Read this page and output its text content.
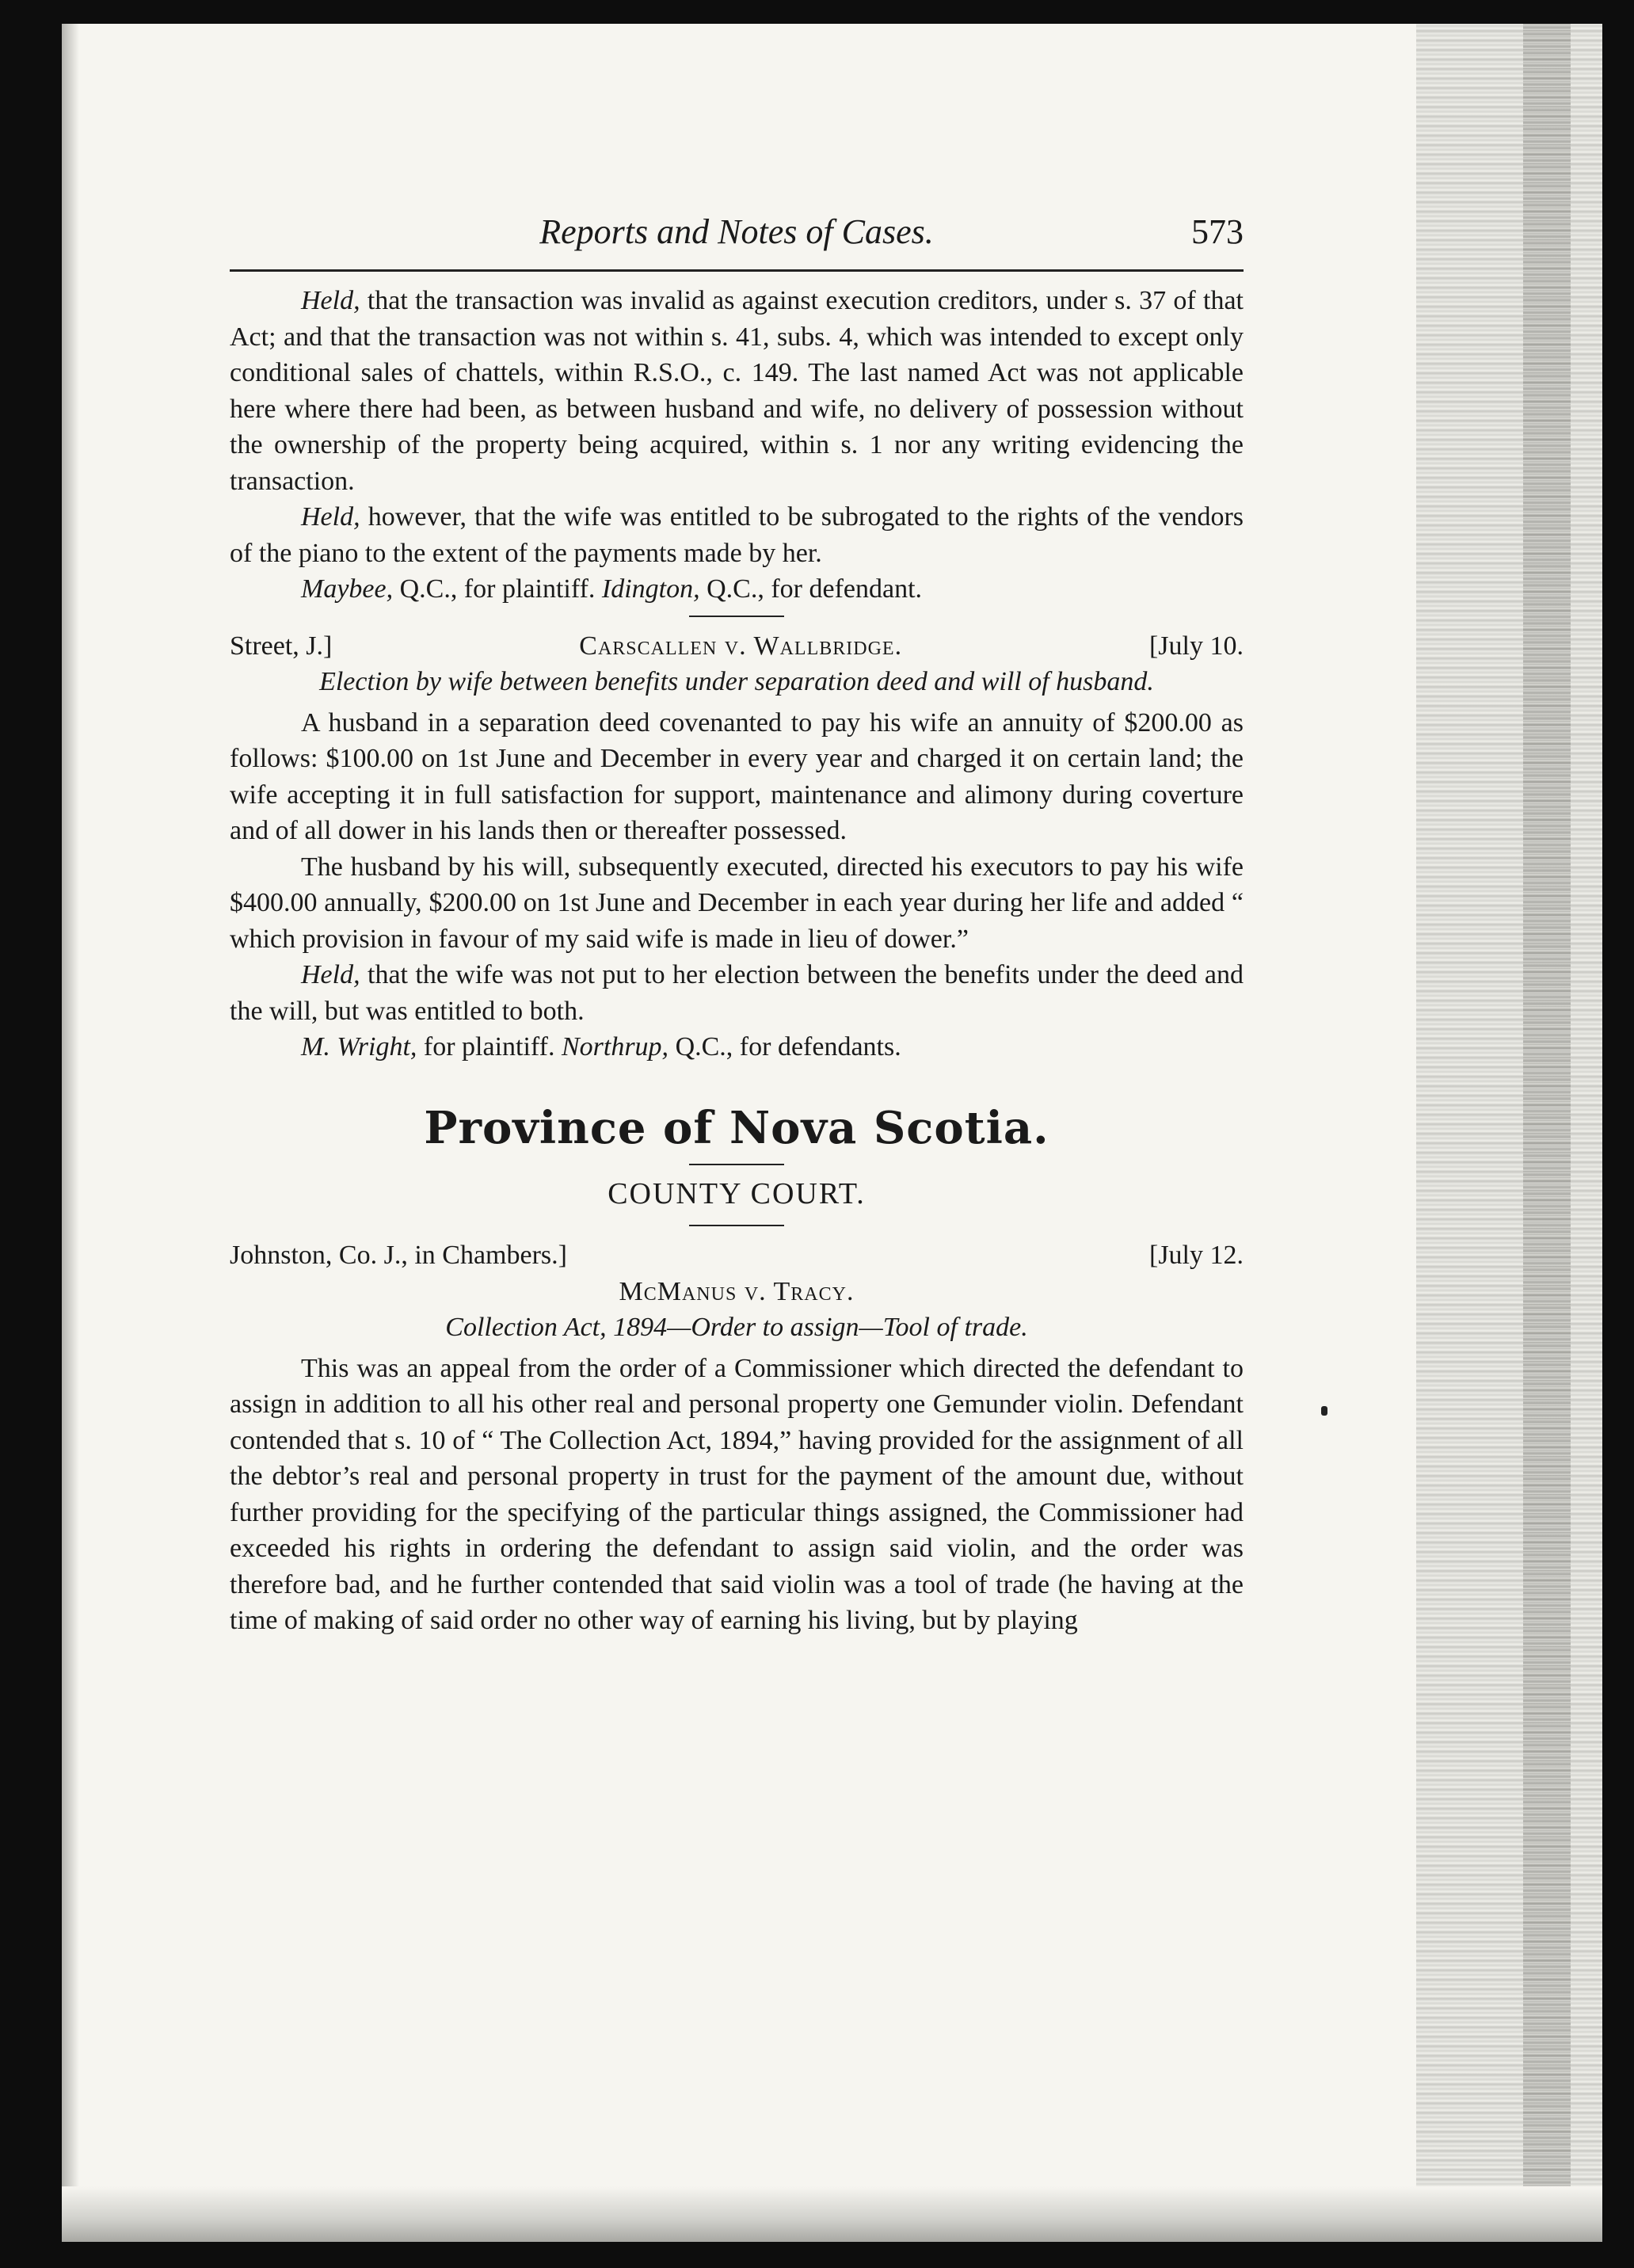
Reports and Notes of Cases.	573

Held, that the transaction was invalid as against execution creditors, under s. 37 of that Act; and that the transaction was not within s. 41, subs. 4, which was intended to except only conditional sales of chattels, within R.S.O., c. 149. The last named Act was not applicable here where there had been, as between husband and wife, no delivery of possession without the ownership of the property being acquired, within s. 1 nor any writing evidencing the transaction.

Held, however, that the wife was entitled to be subrogated to the rights of the vendors of the piano to the extent of the payments made by her.

Maybee, Q.C., for plaintiff. Idington, Q.C., for defendant.

Street, J.]	Carscallen v. Wallbridge.	[July 10.

Election by wife between benefits under separation deed and will of husband.

A husband in a separation deed covenanted to pay his wife an annuity of $200.00 as follows: $100.00 on 1st June and December in every year and charged it on certain land; the wife accepting it in full satisfaction for support, maintenance and alimony during coverture and of all dower in his lands then or thereafter possessed.

The husband by his will, subsequently executed, directed his executors to pay his wife $400.00 annually, $200.00 on 1st June and December in each year during her life and added “ which provision in favour of my said wife is made in lieu of dower.”

Held, that the wife was not put to her election between the benefits under the deed and the will, but was entitled to both.

M. Wright, for plaintiff. Northrup, Q.C., for defendants.

Province of Nova Scotia.
COUNTY COURT.
Johnston, Co. J., in Chambers.]	[July 12.
McManus v. Tracy.

Collection Act, 1894—Order to assign—Tool of trade.

This was an appeal from the order of a Commissioner which directed the defendant to assign in addition to all his other real and personal property one Gemunder violin. Defendant contended that s. 10 of “ The Collection Act, 1894,” having provided for the assignment of all the debtor’s real and personal property in trust for the payment of the amount due, without further providing for the specifying of the particular things assigned, the Commissioner had exceeded his rights in ordering the defendant to assign said violin, and the order was therefore bad, and he further contended that said violin was a tool of trade (he having at the time of making of said order no other way of earning his living, but by playing
